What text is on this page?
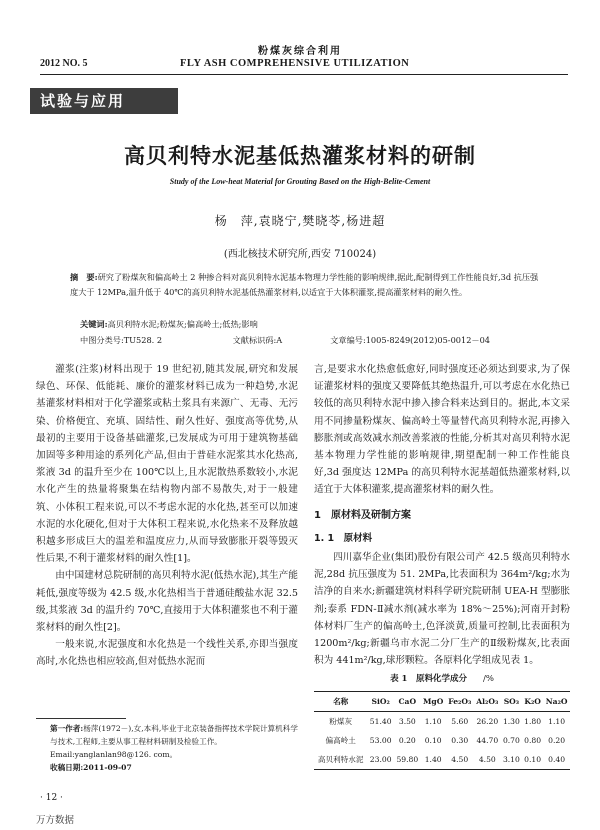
粉煤灰综合利用
2012 NO. 5	FLY ASH COMPREHENSIVE UTILIZATION
试验与应用
高贝利特水泥基低热灌浆材料的研制
Study of the Low-heat Material for Grouting Based on the High-Belite-Cement
杨　萍,袁晓宁,樊晓苓,杨进超
(西北核技术研究所,西安 710024)
摘　要:研究了粉煤灰和偏高岭土 2 种掺合料对高贝利特水泥基本物理力学性能的影响规律,据此,配制得到工作性能良好,3d 抗压强度大于 12MPa,温升低于 40℃的高贝利特水泥基低热灌浆材料,以适宜于大体积灌浆,提高灌浆材料的耐久性。
关键词:高贝利特水泥;粉煤灰;偏高岭土;低热;影响
中图分类号:TU528. 2	文献标识码:A	文章编号:1005-8249(2012)05-0012－04

灌浆(注浆)材料出现于 19 世纪初,随其发展,研究和发展绿色、环保、低能耗、廉价的灌浆材料已成为一种趋势,水泥基灌浆材料相对于化学灌浆或粘土浆具有来源广、无毒、无污染、价格便宜、充填、固结性、耐久性好、强度高等优势,从最初的主要用于设备基础灌浆,已发展成为可用于建筑物基础加固等多种用途的系列化产品,但由于普硅水泥浆其水化热高,浆液 3d 的温升至少在 100℃以上,且水泥散热系数较小,水泥水化产生的热量将聚集在结构物内部不易散失,对于一般建筑、小体积工程来说,可以不考虑水泥的水化热,甚至可以加速水泥的水化硬化,但对于大体积工程来说,水化热来不及释放越积越多形成巨大的温差和温度应力,从而导致膨胀开裂等毁灭性后果,不利于灌浆材料的耐久性[1]。

由中国建材总院研制的高贝利特水泥(低热水泥),其生产能耗低,强度等级为 42.5 级,水化热相当于普通硅酸盐水泥 32.5 级,其浆液 3d 的温升约 70℃,直接用于大体积灌浆也不利于灌浆材料的耐久性[2]。

一般来说,水泥强度和水化热是一个线性关系,亦即当强度高时,水化热也相应较高,但对低热水泥而

言,是要求水化热愈低愈好,同时强度还必须达到要求,为了保证灌浆材料的强度又要降低其绝热温升,可以考虑在水化热已较低的高贝利特水泥中掺入掺合料来达到目的。据此,本文采用不同掺量粉煤灰、偏高岭土等量替代高贝利特水泥,再掺入膨胀剂或高效减水剂改善浆液的性能,分析其对高贝利特水泥基本物理力学性能的影响规律,期望配制一种工作性能良好,3d 强度达 12MPa 的高贝利特水泥基超低热灌浆材料,以适宜于大体积灌浆,提高灌浆材料的耐久性。

1　原材料及研制方案
1. 1　原材料

四川嘉华企业(集团)股份有限公司产 42.5 级高贝利特水泥,28d 抗压强度为 51. 2MPa,比表面积为 364m²/kg;水为洁净的自来水;新疆建筑材料科学研究院研制 UEA-H 型膨胀剂;泰系 FDN-Ⅱ减水剂(减水率为 18%～25%);河南开封粉体材料厂生产的偏高岭土,色泽淡黄,质量可控制,比表面积为 1200m²/kg;新疆乌市水泥二分厂生产的Ⅱ级粉煤灰,比表面积为 441m²/kg,球形颗粒。各原料化学组成见表 1。

表 1　原料化学成分 /%
名称	SiO₂	CaO	MgO	Fe₂O₃	Al₂O₃	SO₃	K₂O	Na₂O
粉煤灰	51.40	3.50	1.10	5.60	26.20	1.30	1.80	1.10
偏高岭土	53.00	0.20	0.10	0.30	44.70	0.70	0.80	0.20
高贝利特水泥	23.00	59.80	1.40	4.50	4.50	3.10	0.10	0.40
第一作者:杨萍(1972－),女,本科,毕业于北京装备指挥技术学院计算机科学与技术,工程师,主要从事工程材料研制及检验工作。
Email:yanglanlan98@126. com。
收稿日期:2011-09-07
· 12 ·
万方数据
